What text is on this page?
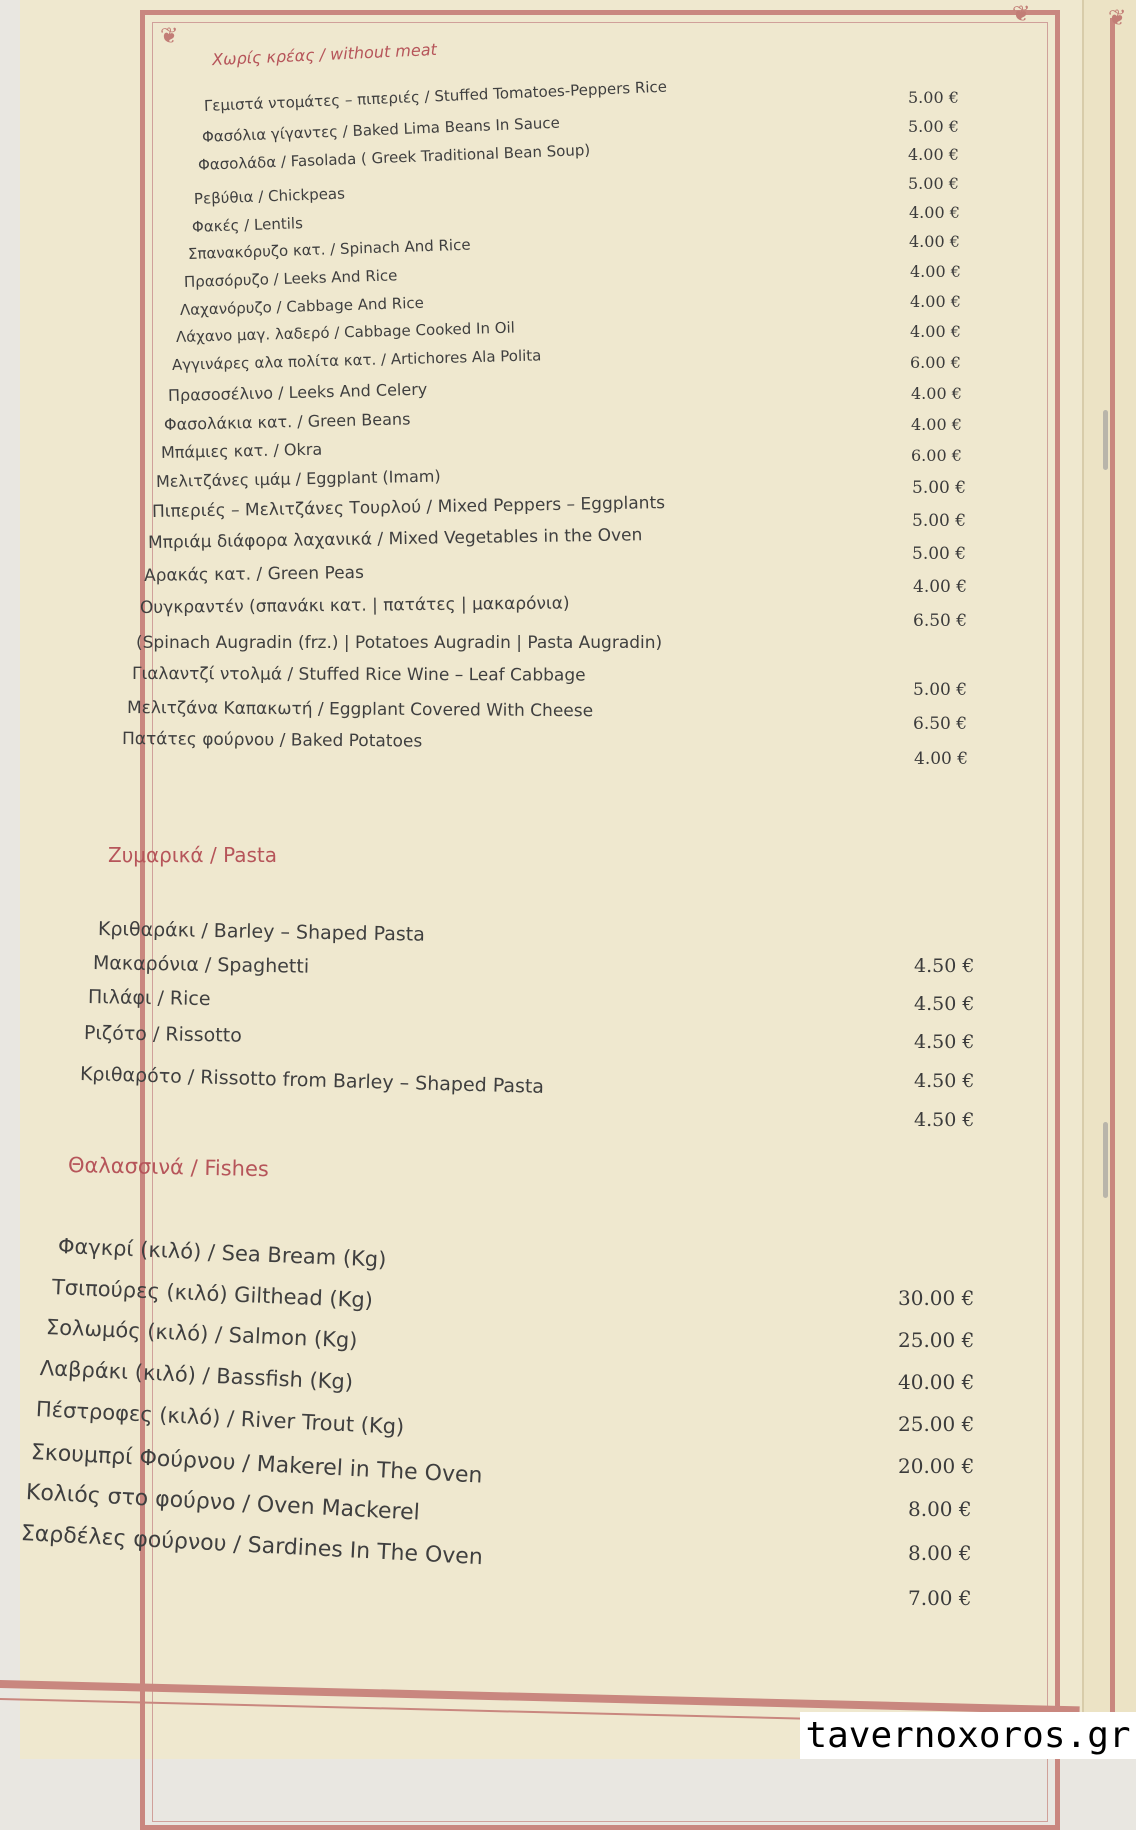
❦
❦	❦
Χωρίς κρέας / without meat
Γεμιστά ντομάτες – πιπεριές / Stuffed Tomatoes-Peppers Rice
Φασόλια γίγαντες / Baked Lima Beans In Sauce
Φασολάδα / Fasolada ( Greek Traditional Bean Soup)
Ρεβύθια / Chickpeas
Φακές / Lentils
Σπανακόρυζο κατ. / Spinach And Rice
Πρασόρυζο / Leeks And Rice
Λαχανόρυζο / Cabbage And Rice
Λάχανο μαγ. λαδερό / Cabbage Cooked In Oil
Αγγινάρες αλα πολίτα κατ. / Artichores Ala Polita
Πρασοσέλινο / Leeks And Celery
Φασολάκια κατ. / Green Beans
Μπάμιες κατ. / Okra
Μελιτζάνες ιμάμ / Eggplant (Imam)
Πιπεριές – Μελιτζάνες Τουρλού / Mixed Peppers – Eggplants
Μπριάμ διάφορα λαχανικά / Mixed Vegetables in the Oven
Αρακάς κατ. / Green Peas
Ουγκραντέν (σπανάκι κατ. | πατάτες | μακαρόνια)
(Spinach Augradin (frz.) | Potatoes Augradin | Pasta Augradin)
Γιαλαντζί ντολμά / Stuffed Rice Wine – Leaf Cabbage
Μελιτζάνα Καπακωτή / Eggplant Covered With Cheese
Πατάτες φούρνου / Baked Potatoes
5.00 €
5.00 €
4.00 €
5.00 €
4.00 €
4.00 €
4.00 €
4.00 €
4.00 €
6.00 €
4.00 €
4.00 €
6.00 €
5.00 €
5.00 €
5.00 €
4.00 €
6.50 €
5.00 €
6.50 €
4.00 €
Ζυμαρικά / Pasta
Κριθαράκι / Barley – Shaped Pasta
Μακαρόνια / Spaghetti
Πιλάφι / Rice
Ριζότο / Rissotto
Κριθαρότο / Rissotto from Barley – Shaped Pasta
4.50 €
4.50 €
4.50 €
4.50 €
4.50 €
Θαλασσινά / Fishes
Φαγκρί (κιλό) / Sea Bream (Kg)
Τσιπούρες (κιλό) Gilthead (Kg)
Σολωμός (κιλό) / Salmon (Kg)
Λαβράκι (κιλό) / Bassfish (Kg)
Πέστροφες (κιλό) / River Trout (Kg)
Σκουμπρί Φούρνου / Makerel in The Oven
Κολιός στο φούρνο / Oven Mackerel
Σαρδέλες φούρνου / Sardines In The Oven
30.00 €
25.00 €
40.00 €
25.00 €
20.00 €
8.00 €
8.00 €
7.00 €
tavernoxoros.gr
